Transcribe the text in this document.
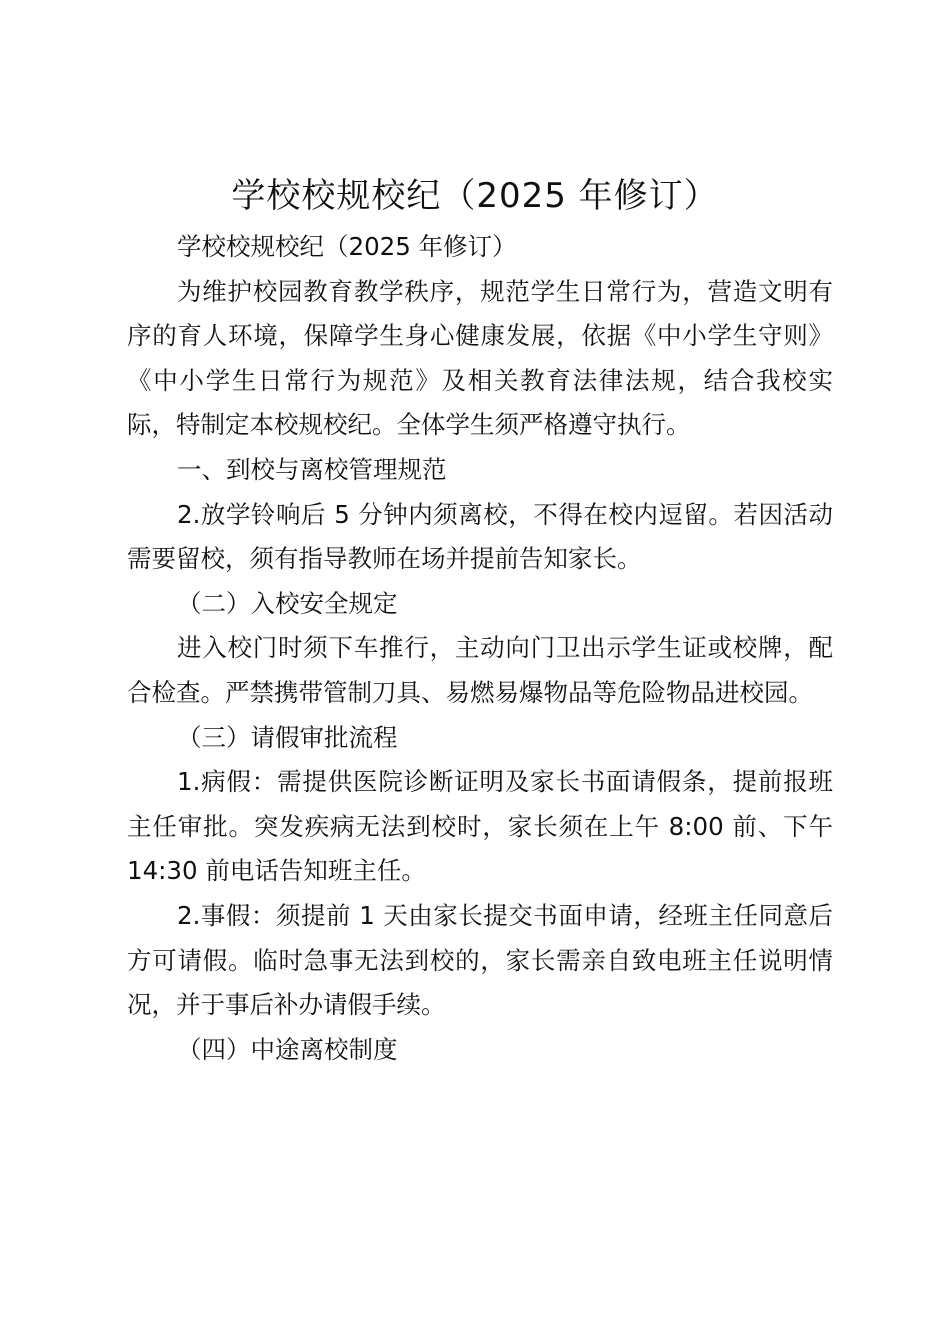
学校校规校纪（2025 年修订）

学校校规校纪（2025 年修订）

为维护校园教育教学秩序，规范学生日常行为，营造文明有序的育人环境，保障学生身心健康发展，依据《中小学生守则》《中小学生日常行为规范》及相关教育法律法规，结合我校实际，特制定本校规校纪。全体学生须严格遵守执行。

一、到校与离校管理规范

2.放学铃响后 5 分钟内须离校，不得在校内逗留。若因活动需要留校，须有指导教师在场并提前告知家长。

（二）入校安全规定

进入校门时须下车推行，主动向门卫出示学生证或校牌，配合检查。严禁携带管制刀具、易燃易爆物品等危险物品进校园。

（三）请假审批流程

1.病假：需提供医院诊断证明及家长书面请假条，提前报班主任审批。突发疾病无法到校时，家长须在上午 8:00 前、下午 14:30 前电话告知班主任。

2.事假：须提前 1 天由家长提交书面申请，经班主任同意后方可请假。临时急事无法到校的，家长需亲自致电班主任说明情况，并于事后补办请假手续。

（四）中途离校制度
